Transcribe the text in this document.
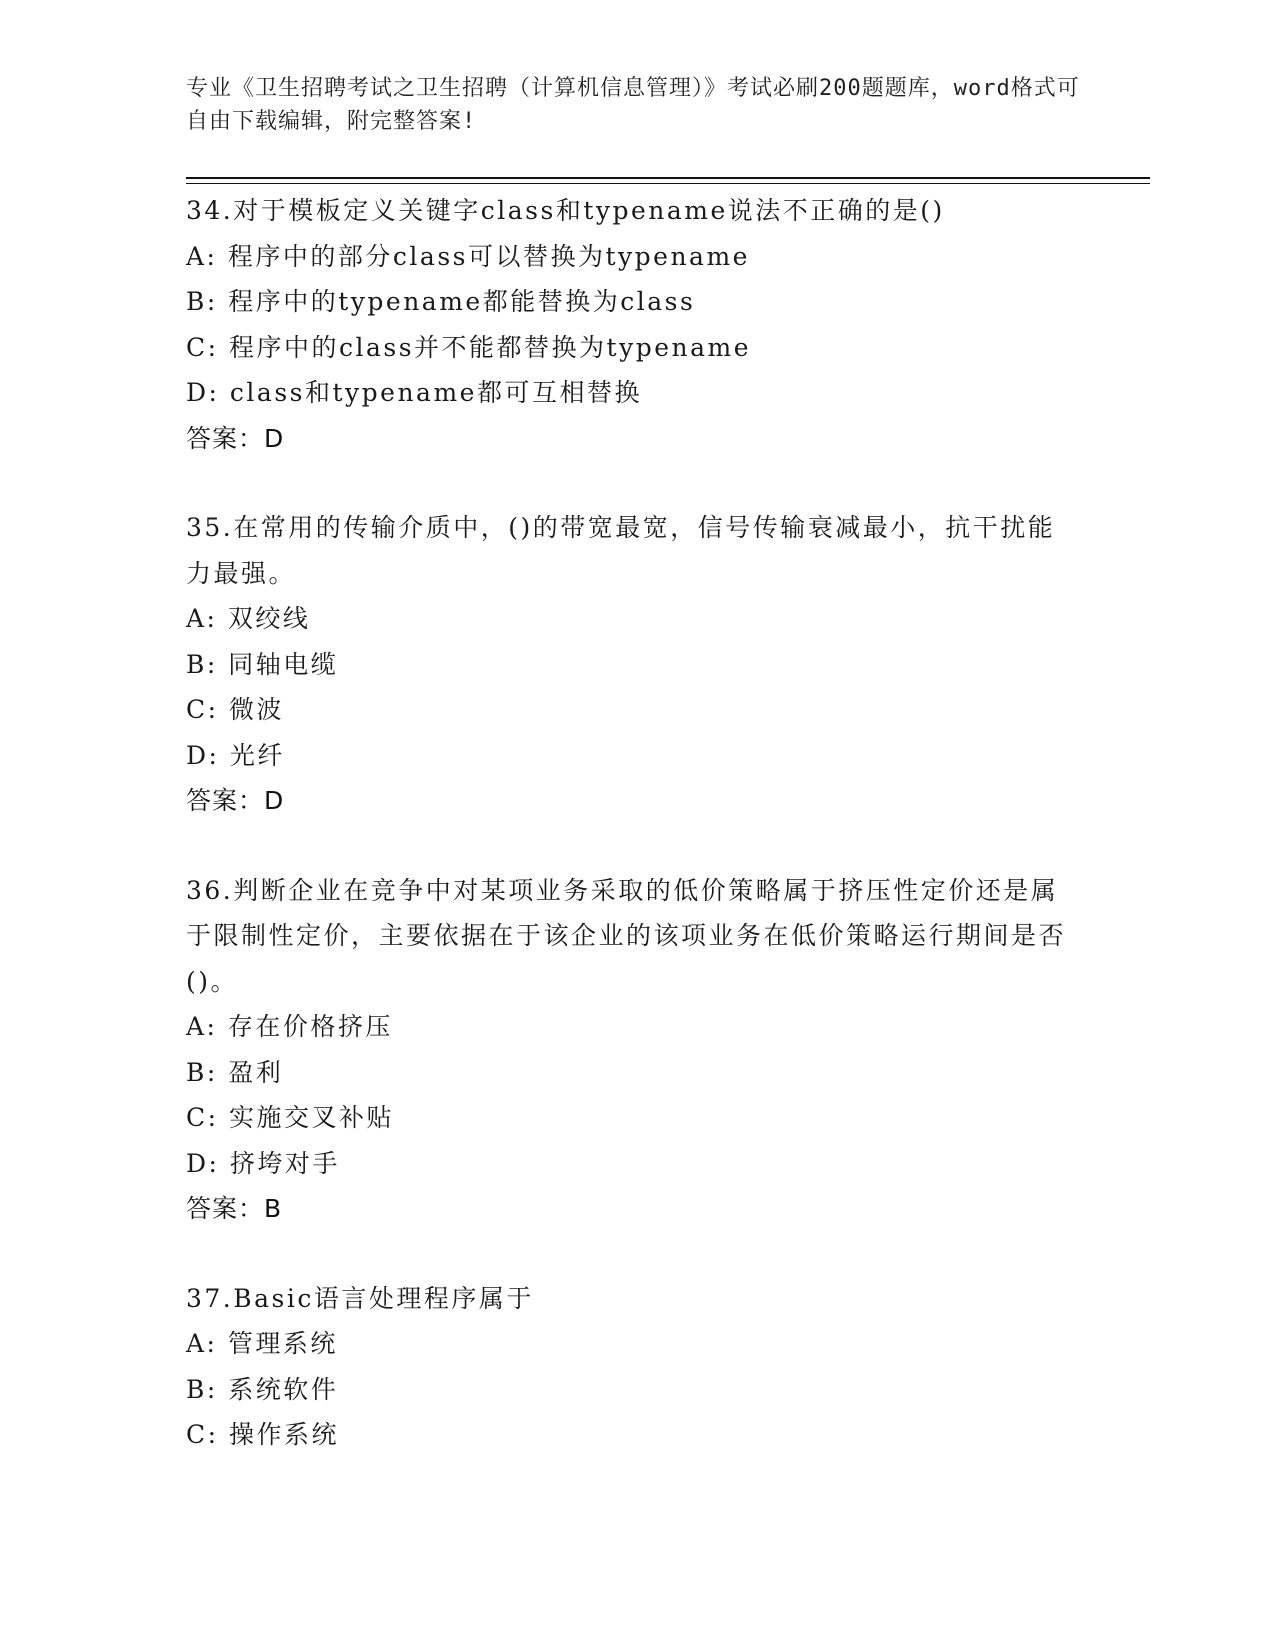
专业《卫生招聘考试之卫生招聘（计算机信息管理）》考试必刷200题题库，word格式可自由下载编辑，附完整答案!
34.对于模板定义关键字class和typename说法不正确的是()
A: 程序中的部分class可以替换为typename
B: 程序中的typename都能替换为class
C: 程序中的class并不能都替换为typename
D: class和typename都可互相替换
答案：D
35.在常用的传输介质中，()的带宽最宽，信号传输衰减最小，抗干扰能力最强。
A: 双绞线
B: 同轴电缆
C: 微波
D: 光纤
答案：D
36.判断企业在竞争中对某项业务采取的低价策略属于挤压性定价还是属于限制性定价，主要依据在于该企业的该项业务在低价策略运行期间是否()。
A: 存在价格挤压
B: 盈利
C: 实施交叉补贴
D: 挤垮对手
答案：B
37.Basic语言处理程序属于
A: 管理系统
B: 系统软件
C: 操作系统
